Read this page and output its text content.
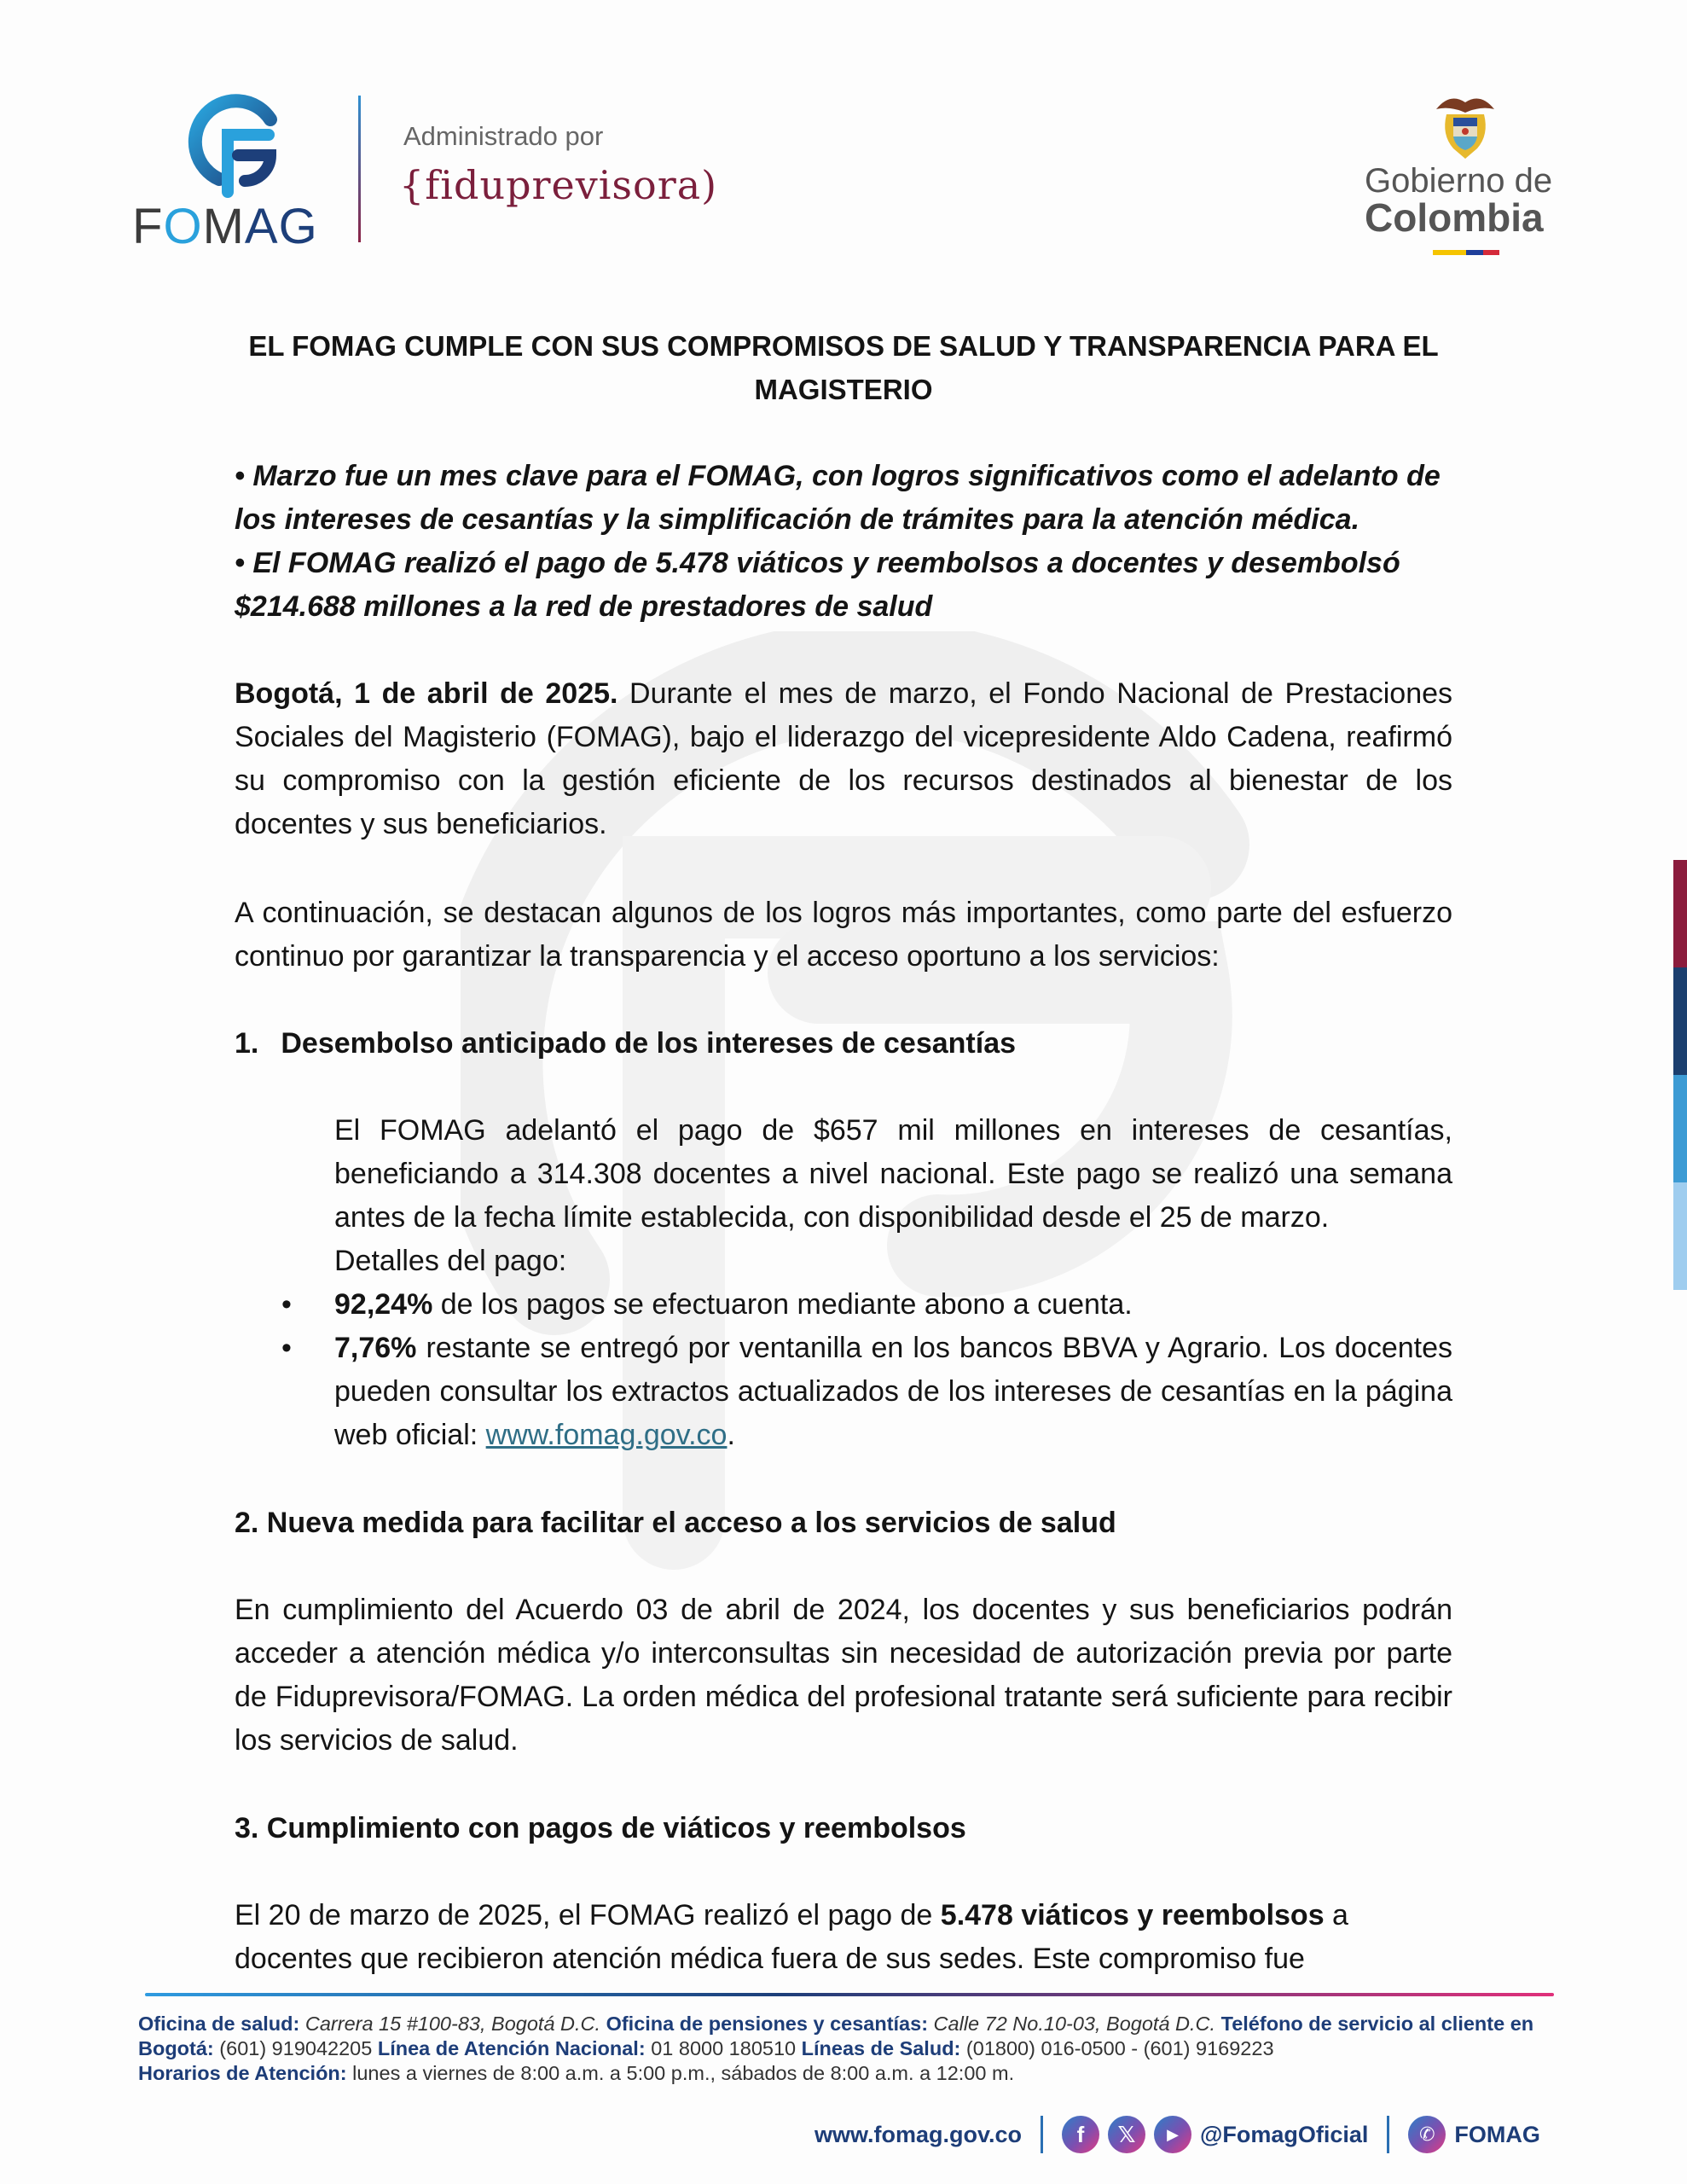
FOMAG
Administrado por
{fiduprevisora)	Gobierno de
Colombia
EL FOMAG CUMPLE CON SUS COMPROMISOS DE SALUD Y TRANSPARENCIA PARA EL
MAGISTERIO
• Marzo fue un mes clave para el FOMAG, con logros significativos como el adelanto de los intereses de cesantías y la simplificación de trámites para la atención médica.
• El FOMAG realizó el pago de 5.478 viáticos y reembolsos a docentes y desembolsó $214.688 millones a la red de prestadores de salud
Bogotá, 1 de abril de 2025. Durante el mes de marzo, el Fondo Nacional de Prestaciones Sociales del Magisterio (FOMAG), bajo el liderazgo del vicepresidente Aldo Cadena, reafirmó su compromiso con la gestión eficiente de los recursos destinados al bienestar de los docentes y sus beneficiarios.
A continuación, se destacan algunos de los logros más importantes, como parte del esfuerzo continuo por garantizar la transparencia y el acceso oportuno a los servicios:
1. Desembolso anticipado de los intereses de cesantías
El FOMAG adelantó el pago de $657 mil millones en intereses de cesantías, beneficiando a 314.308 docentes a nivel nacional. Este pago se realizó una semana antes de la fecha límite establecida, con disponibilidad desde el 25 de marzo.
Detalles del pago:
• 92,24% de los pagos se efectuaron mediante abono a cuenta.
• 7,76% restante se entregó por ventanilla en los bancos BBVA y Agrario. Los docentes pueden consultar los extractos actualizados de los intereses de cesantías en la página web oficial: www.fomag.gov.co.
2. Nueva medida para facilitar el acceso a los servicios de salud
En cumplimiento del Acuerdo 03 de abril de 2024, los docentes y sus beneficiarios podrán acceder a atención médica y/o interconsultas sin necesidad de autorización previa por parte de Fiduprevisora/FOMAG. La orden médica del profesional tratante será suficiente para recibir los servicios de salud.
3. Cumplimiento con pagos de viáticos y reembolsos
El 20 de marzo de 2025, el FOMAG realizó el pago de 5.478 viáticos y reembolsos a docentes que recibieron atención médica fuera de sus sedes. Este compromiso fue
Oficina de salud: Carrera 15 #100-83, Bogotá D.C. Oficina de pensiones y cesantías: Calle 72 No.10-03, Bogotá D.C. Teléfono de servicio al cliente en Bogotá: (601) 919042205 Línea de Atención Nacional: 01 8000 180510 Líneas de Salud: (01800) 016-0500 - (601) 9169223
Horarios de Atención: lunes a viernes de 8:00 a.m. a 5:00 p.m., sábados de 8:00 a.m. a 12:00 m.
www.fomag.gov.co	f	𝕏	▶ @FomagOficial	✆ FOMAG
